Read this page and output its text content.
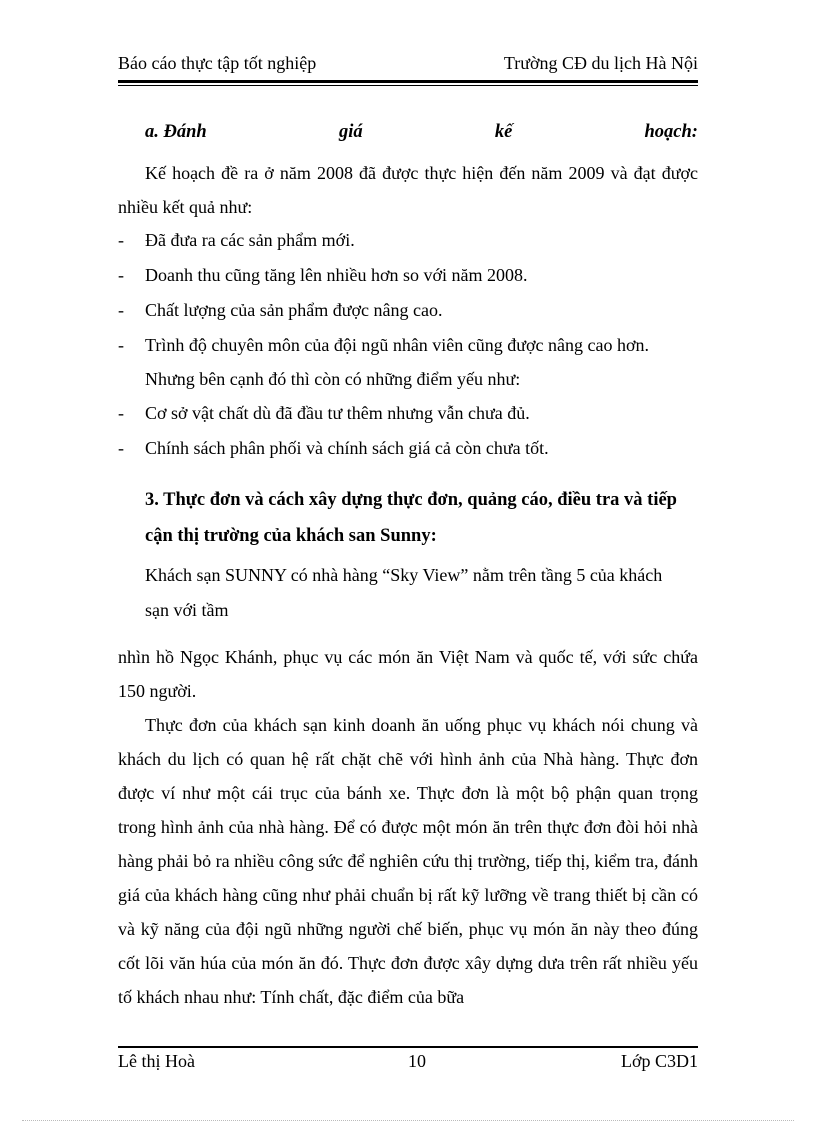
Báo cáo thực tập tốt nghiệp	Trường CĐ du lịch Hà Nội
a. Đánh	giá	kế	hoạch:
Kế hoạch đề ra ở năm 2008 đã được thực hiện đến năm 2009 và đạt được nhiều kết quả như:
- Đã đưa ra các sản phẩm mới.
- Doanh thu cũng tăng lên nhiều hơn so với năm 2008.
- Chất lượng của sản phẩm được nâng cao.
- Trình độ chuyên môn của đội ngũ nhân viên cũng được nâng cao hơn.
Nhưng bên cạnh đó thì còn có những điểm yếu như:
- Cơ sở vật chất dù đã đầu tư thêm nhưng vẫn chưa đủ.
- Chính sách phân phối và chính sách giá cả còn chưa tốt.
3. Thực đơn và cách xây dựng thực đơn, quảng cáo, điều tra và tiếp cận thị trường của khách san Sunny:
Khách sạn SUNNY có nhà hàng “Sky View” nằm trên tầng 5 của khách
sạn với tầm
nhìn hồ Ngọc Khánh, phục vụ các món ăn Việt Nam và quốc tế, với sức chứa 150 người.
Thực đơn của khách sạn kinh doanh ăn uống phục vụ khách nói chung và khách du lịch có quan hệ rất chặt chẽ với hình ảnh của Nhà hàng. Thực đơn được ví như một cái trục của bánh xe. Thực đơn là một bộ phận quan trọng trong hình ảnh của nhà hàng. Để có được một món ăn trên thực đơn đòi hỏi nhà hàng phải bỏ ra nhiều công sức để nghiên cứu thị trường, tiếp thị, kiểm tra, đánh giá của khách hàng cũng như phải chuẩn bị rất kỹ lưỡng về trang thiết bị cần có và kỹ năng của đội ngũ những người chế biến, phục vụ món ăn này theo đúng cốt lõi văn húa của món ăn đó. Thực đơn được xây dựng dưa trên rất nhiều yếu tố khách nhau như: Tính chất, đặc điểm của bữa
Lê thị Hoà	10	Lớp C3D1
